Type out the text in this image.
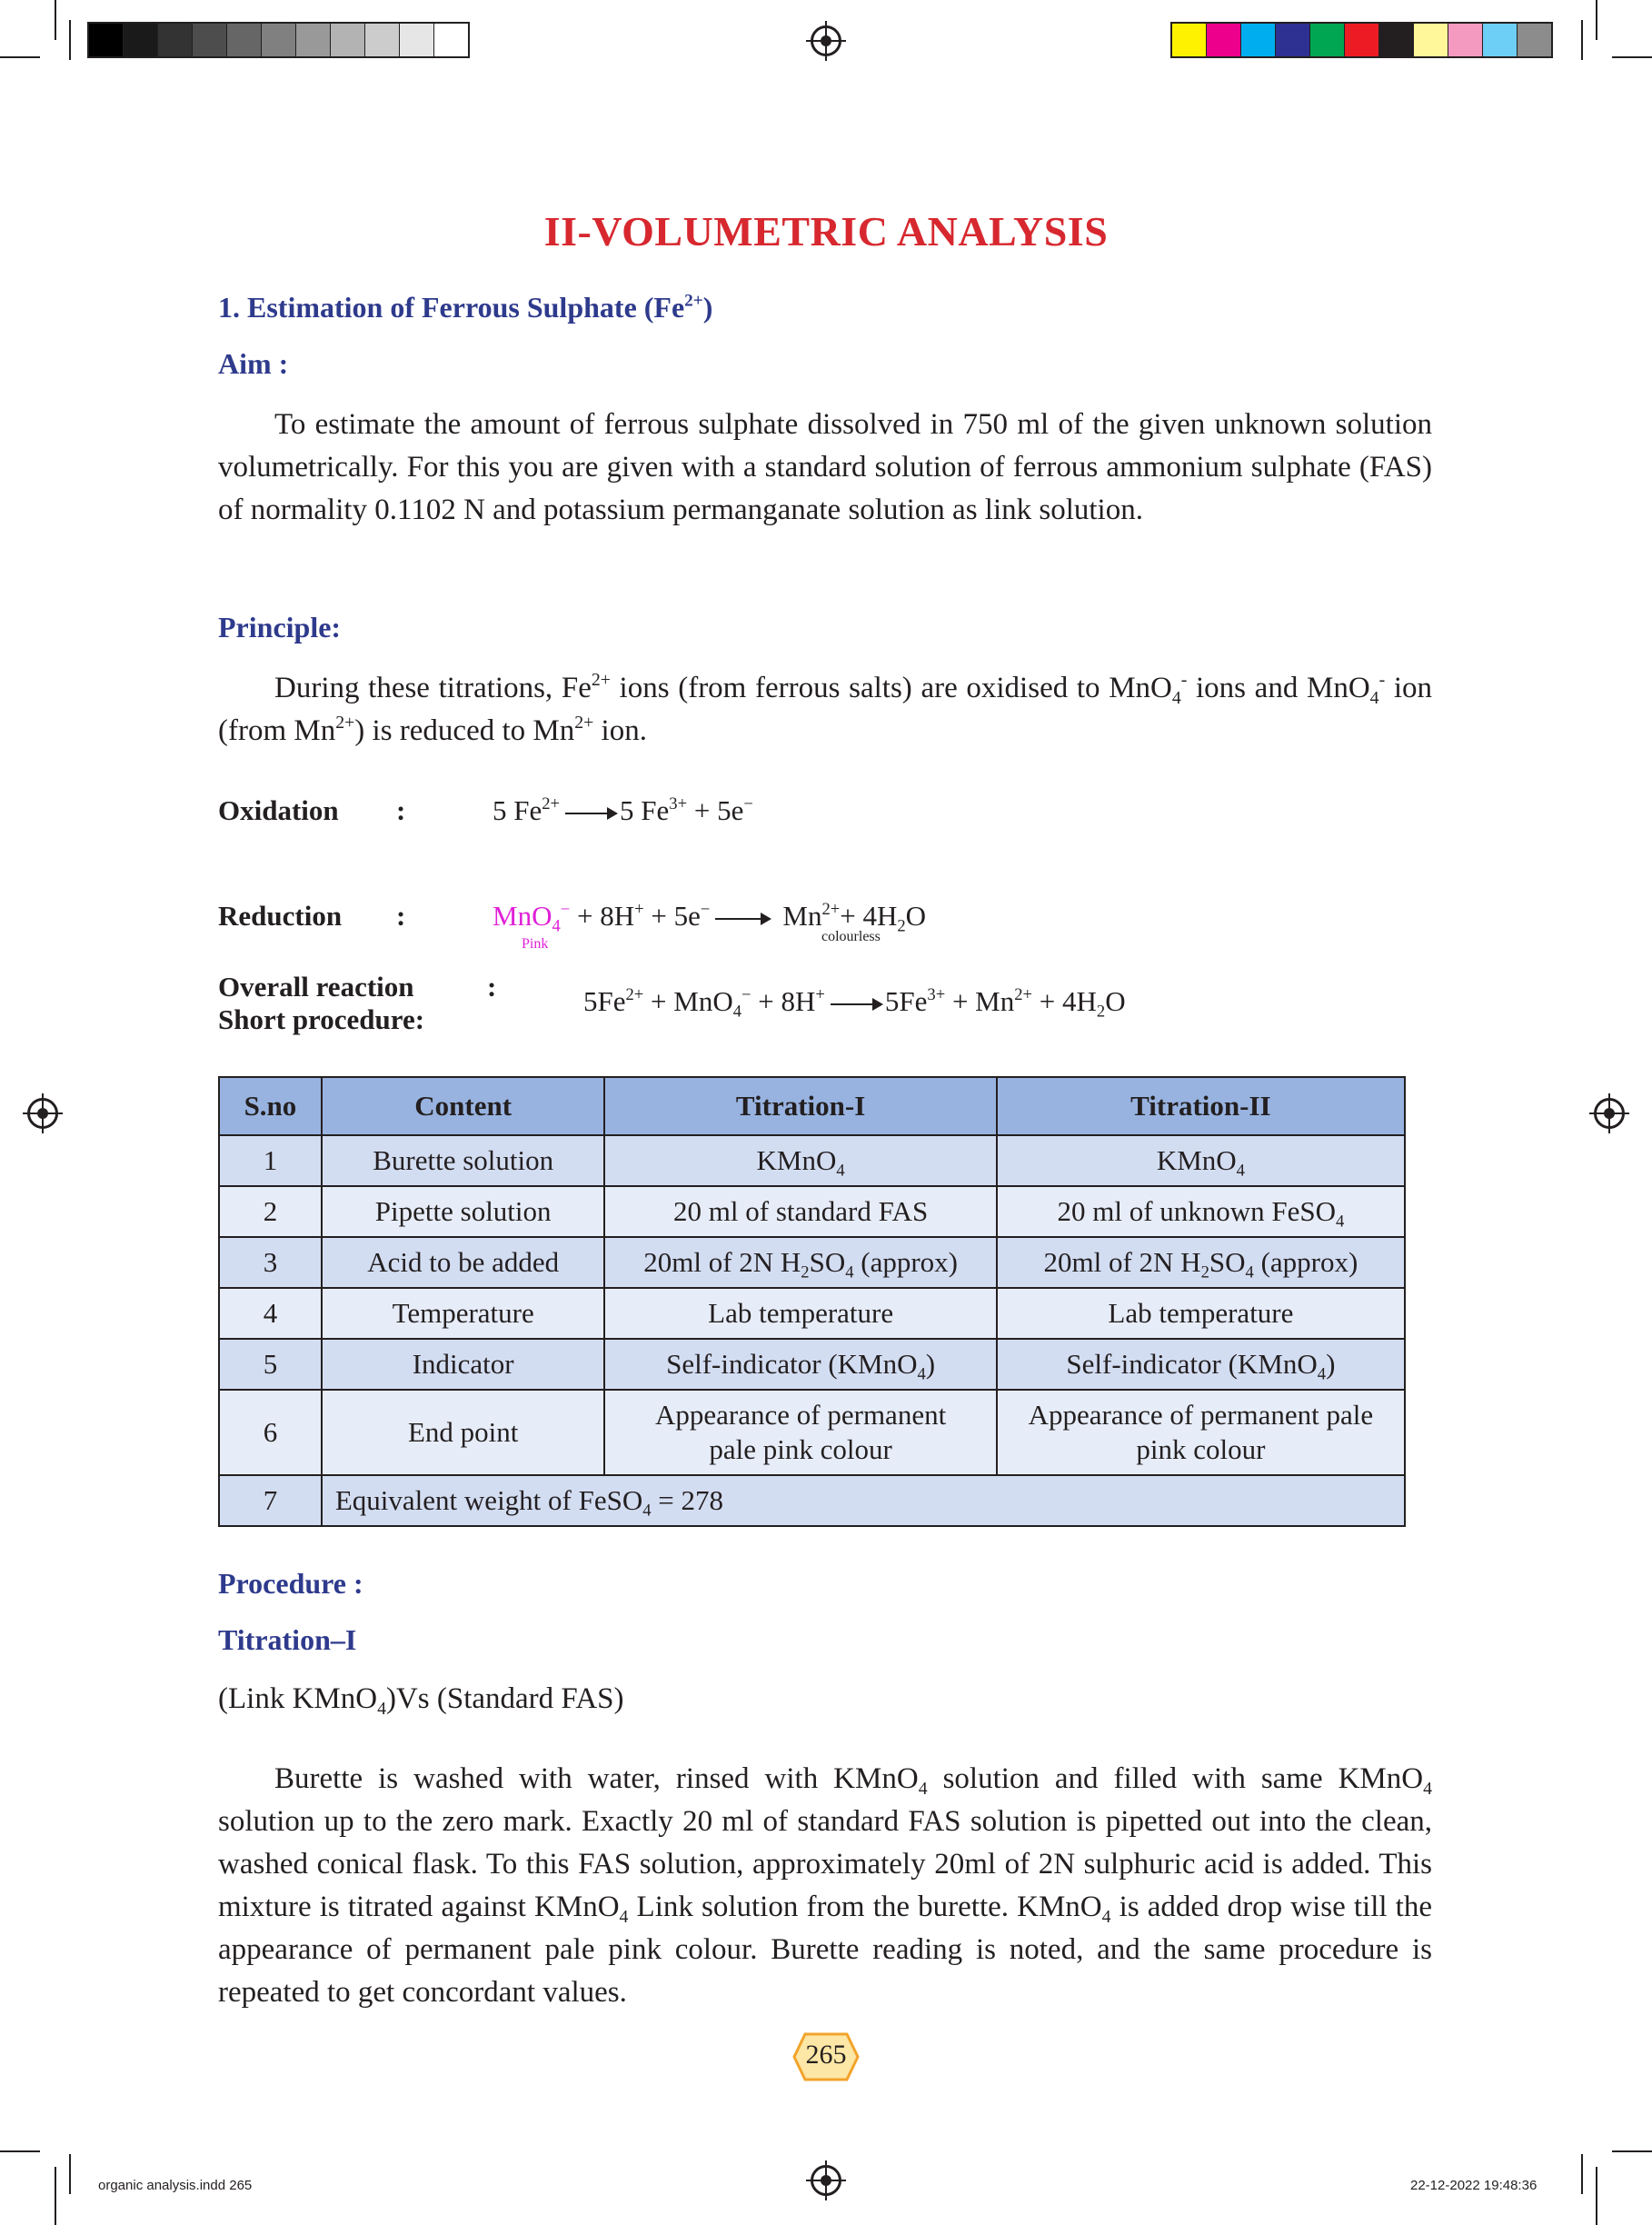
II-VOLUMETRIC ANALYSIS
1. Estimation of Ferrous Sulphate $(Fe^{2+})$
Aim :

To estimate the amount of ferrous sulphate dissolved in 750 ml of the given unknown solution volumetrically. For this you are given with a standard solution of ferrous ammonium sulphate (FAS) of normality 0.1102 N and potassium permanganate solution as link solution.

Principle:

During these titrations, $Fe^{2+}$ ions (from ferrous salts) are oxidised to MnO$_4$- ions and MnO$_4$- ion (from $Mn^{2+}$) is reduced to $Mn^{2+}$ ion.

Oxidation :	5 $Fe^{2+}$ 5 $Fe^{3+} + 5e^-$
Reduction :	MnO$_4$− + 8H+ + 5e−	$Mn^{2+}+ 4H_2O$
Pink	colourless
Overall reaction
Short procedure:
:	$5Fe^{2+} + MnO_4^- + 8H^+$ $5Fe^{3+} + Mn^{2+} + 4H_2O$
S.no	Content	Titration-I	Titration-II
1	Burette solution	KMnO$_4$	KMnO$_4$
2	Pipette solution	20 ml of standard FAS	20 ml of unknown FeSO$_4$
3	Acid to be added	20ml of 2N $H_2SO_4$ (approx)	20ml of 2N $H_2SO_4$ (approx)
4	Temperature	Lab temperature	Lab temperature
5	Indicator	Self-indicator (KMnO$_4$)	Self-indicator (KMnO$_4$)
6	End point	Appearance of permanent pale pink colour	Appearance of permanent pale pink colour
7	Equivalent weight of FeSO$_4$ = 278		
Procedure :
Titration–I

(Link KMnO$_4$)Vs (Standard FAS)

Burette is washed with water, rinsed with KMnO$_4$ solution and filled with same KMnO$_4$ solution up to the zero mark. Exactly 20 ml of standard FAS solution is pipetted out into the clean, washed conical flask. To this FAS solution, approximately 20ml of 2N sulphuric acid is added. This mixture is titrated against KMnO$_4$ Link solution from the burette. KMnO$_4$ is added drop wise till the appearance of permanent pale pink colour. Burette reading is noted, and the same procedure is repeated to get concordant values.

265
organic analysis.indd 265	22-12-2022 19:48:36
